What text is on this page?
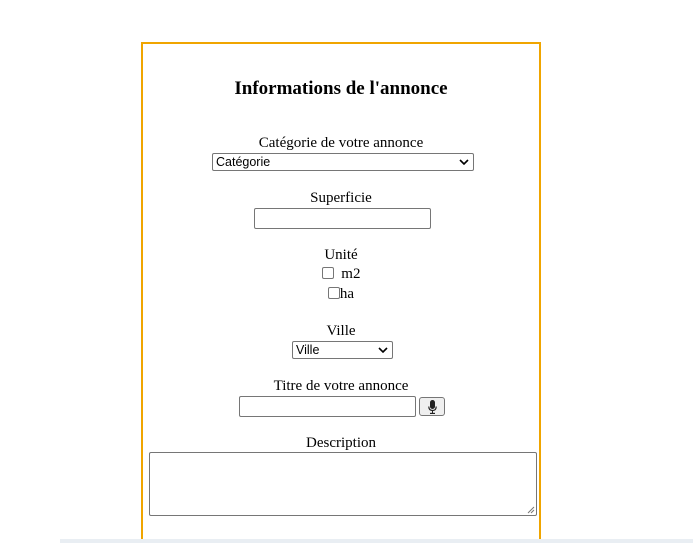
Informations de l'annonce
Catégorie de votre annonce
Catégorie
Superficie
Unité
m2
ha
Ville
Ville
Titre de votre annonce
Description
